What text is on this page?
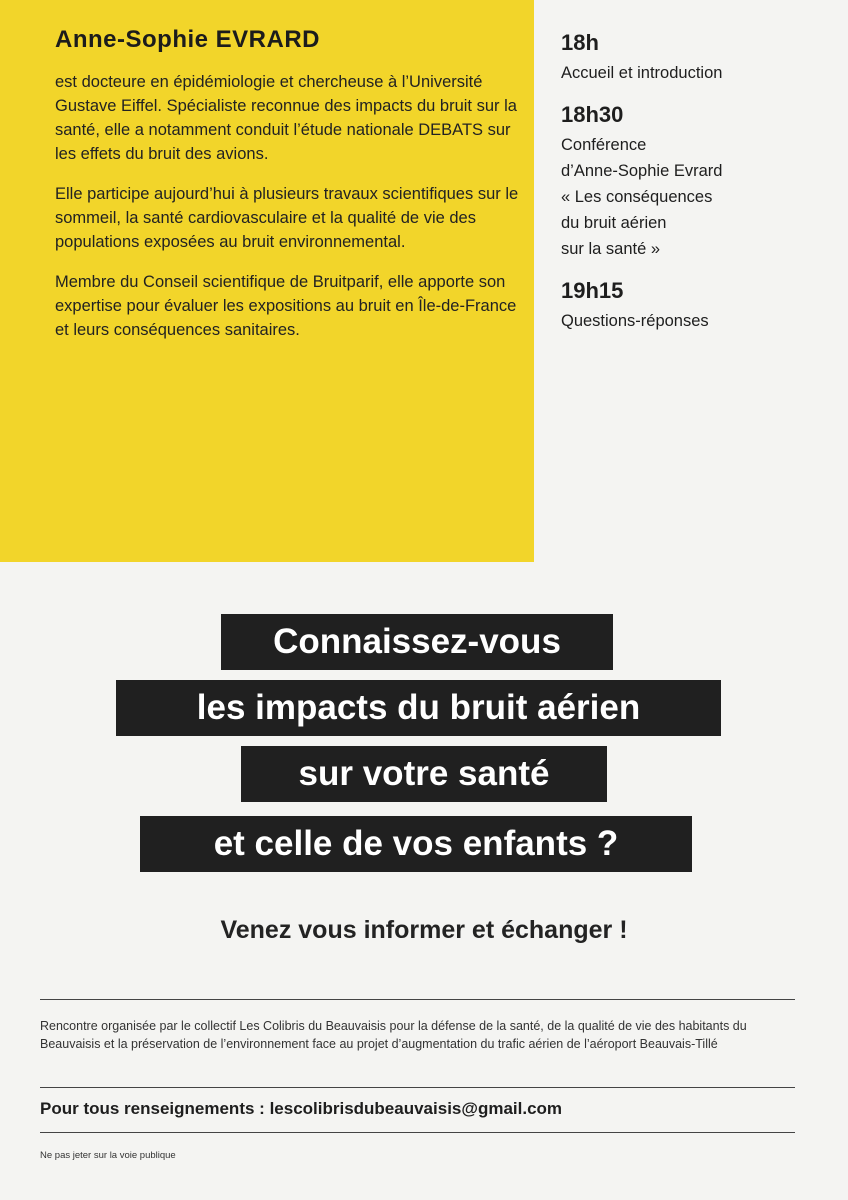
Anne-Sophie EVRARD

est docteure en épidémiologie et chercheuse à l’Université Gustave Eiffel. Spécialiste reconnue des impacts du bruit sur la santé, elle a notamment conduit l’étude nationale DEBATS sur les effets du bruit des avions.

Elle participe aujourd’hui à plusieurs travaux scientifiques sur le sommeil, la santé cardiovasculaire et la qualité de vie des populations exposées au bruit environnemental.

Membre du Conseil scientifique de Bruitparif, elle apporte son expertise pour évaluer les expositions au bruit en Île-de-France et leurs conséquences sanitaires.

18h
Accueil et introduction
18h30
Conférence
d’Anne-Sophie Evrard
« Les conséquences
du bruit aérien
sur la santé »
19h15
Questions-réponses
Connaissez-vous
les impacts du bruit aérien
sur votre santé
et celle de vos enfants ?
Venez vous informer et échanger !
Rencontre organisée par le collectif Les Colibris du Beauvaisis pour la défense de la santé, de la qualité de vie des habitants du Beauvaisis et la préservation de l’environnement face au projet d’augmentation du trafic aérien de l’aéroport Beauvais-Tillé
Pour tous renseignements : lescolibrisdubeauvaisis@gmail.com
Ne pas jeter sur la voie publique
